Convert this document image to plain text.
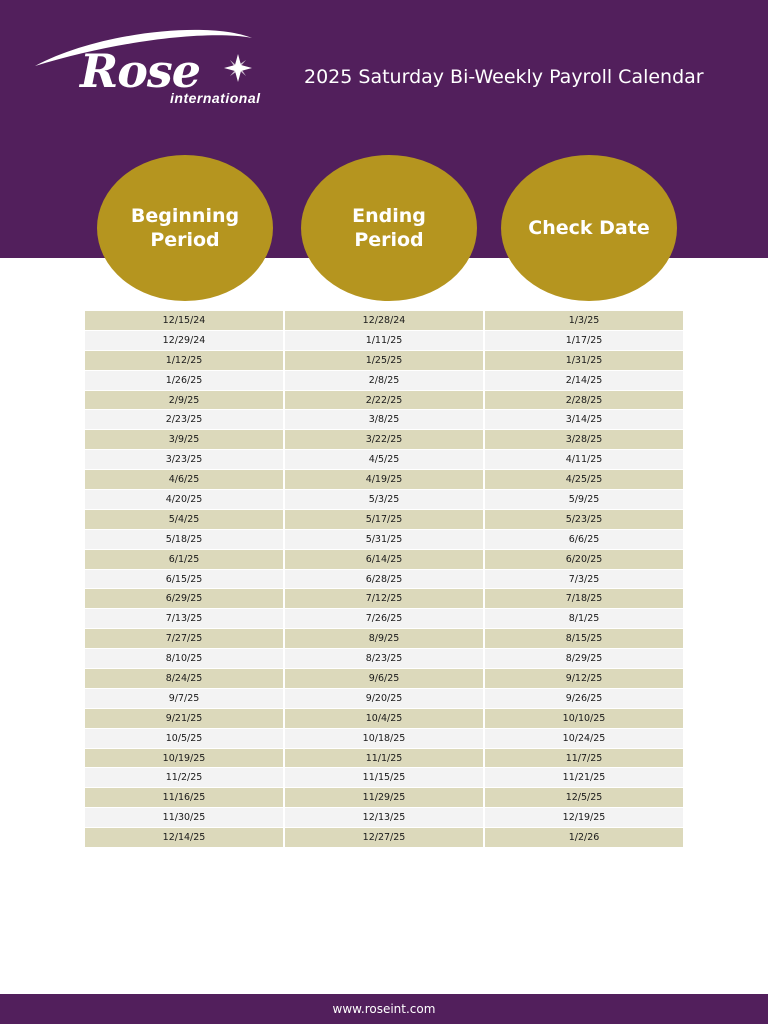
Rose
international
2025 Saturday Bi-Weekly Payroll Calendar
Beginning Period
Ending Period
Check Date
12/15/24	12/28/24	1/3/25
12/29/24	1/11/25	1/17/25
1/12/25	1/25/25	1/31/25
1/26/25	2/8/25	2/14/25
2/9/25	2/22/25	2/28/25
2/23/25	3/8/25	3/14/25
3/9/25	3/22/25	3/28/25
3/23/25	4/5/25	4/11/25
4/6/25	4/19/25	4/25/25
4/20/25	5/3/25	5/9/25
5/4/25	5/17/25	5/23/25
5/18/25	5/31/25	6/6/25
6/1/25	6/14/25	6/20/25
6/15/25	6/28/25	7/3/25
6/29/25	7/12/25	7/18/25
7/13/25	7/26/25	8/1/25
7/27/25	8/9/25	8/15/25
8/10/25	8/23/25	8/29/25
8/24/25	9/6/25	9/12/25
9/7/25	9/20/25	9/26/25
9/21/25	10/4/25	10/10/25
10/5/25	10/18/25	10/24/25
10/19/25	11/1/25	11/7/25
11/2/25	11/15/25	11/21/25
11/16/25	11/29/25	12/5/25
11/30/25	12/13/25	12/19/25
12/14/25	12/27/25	1/2/26
www.roseint.com
